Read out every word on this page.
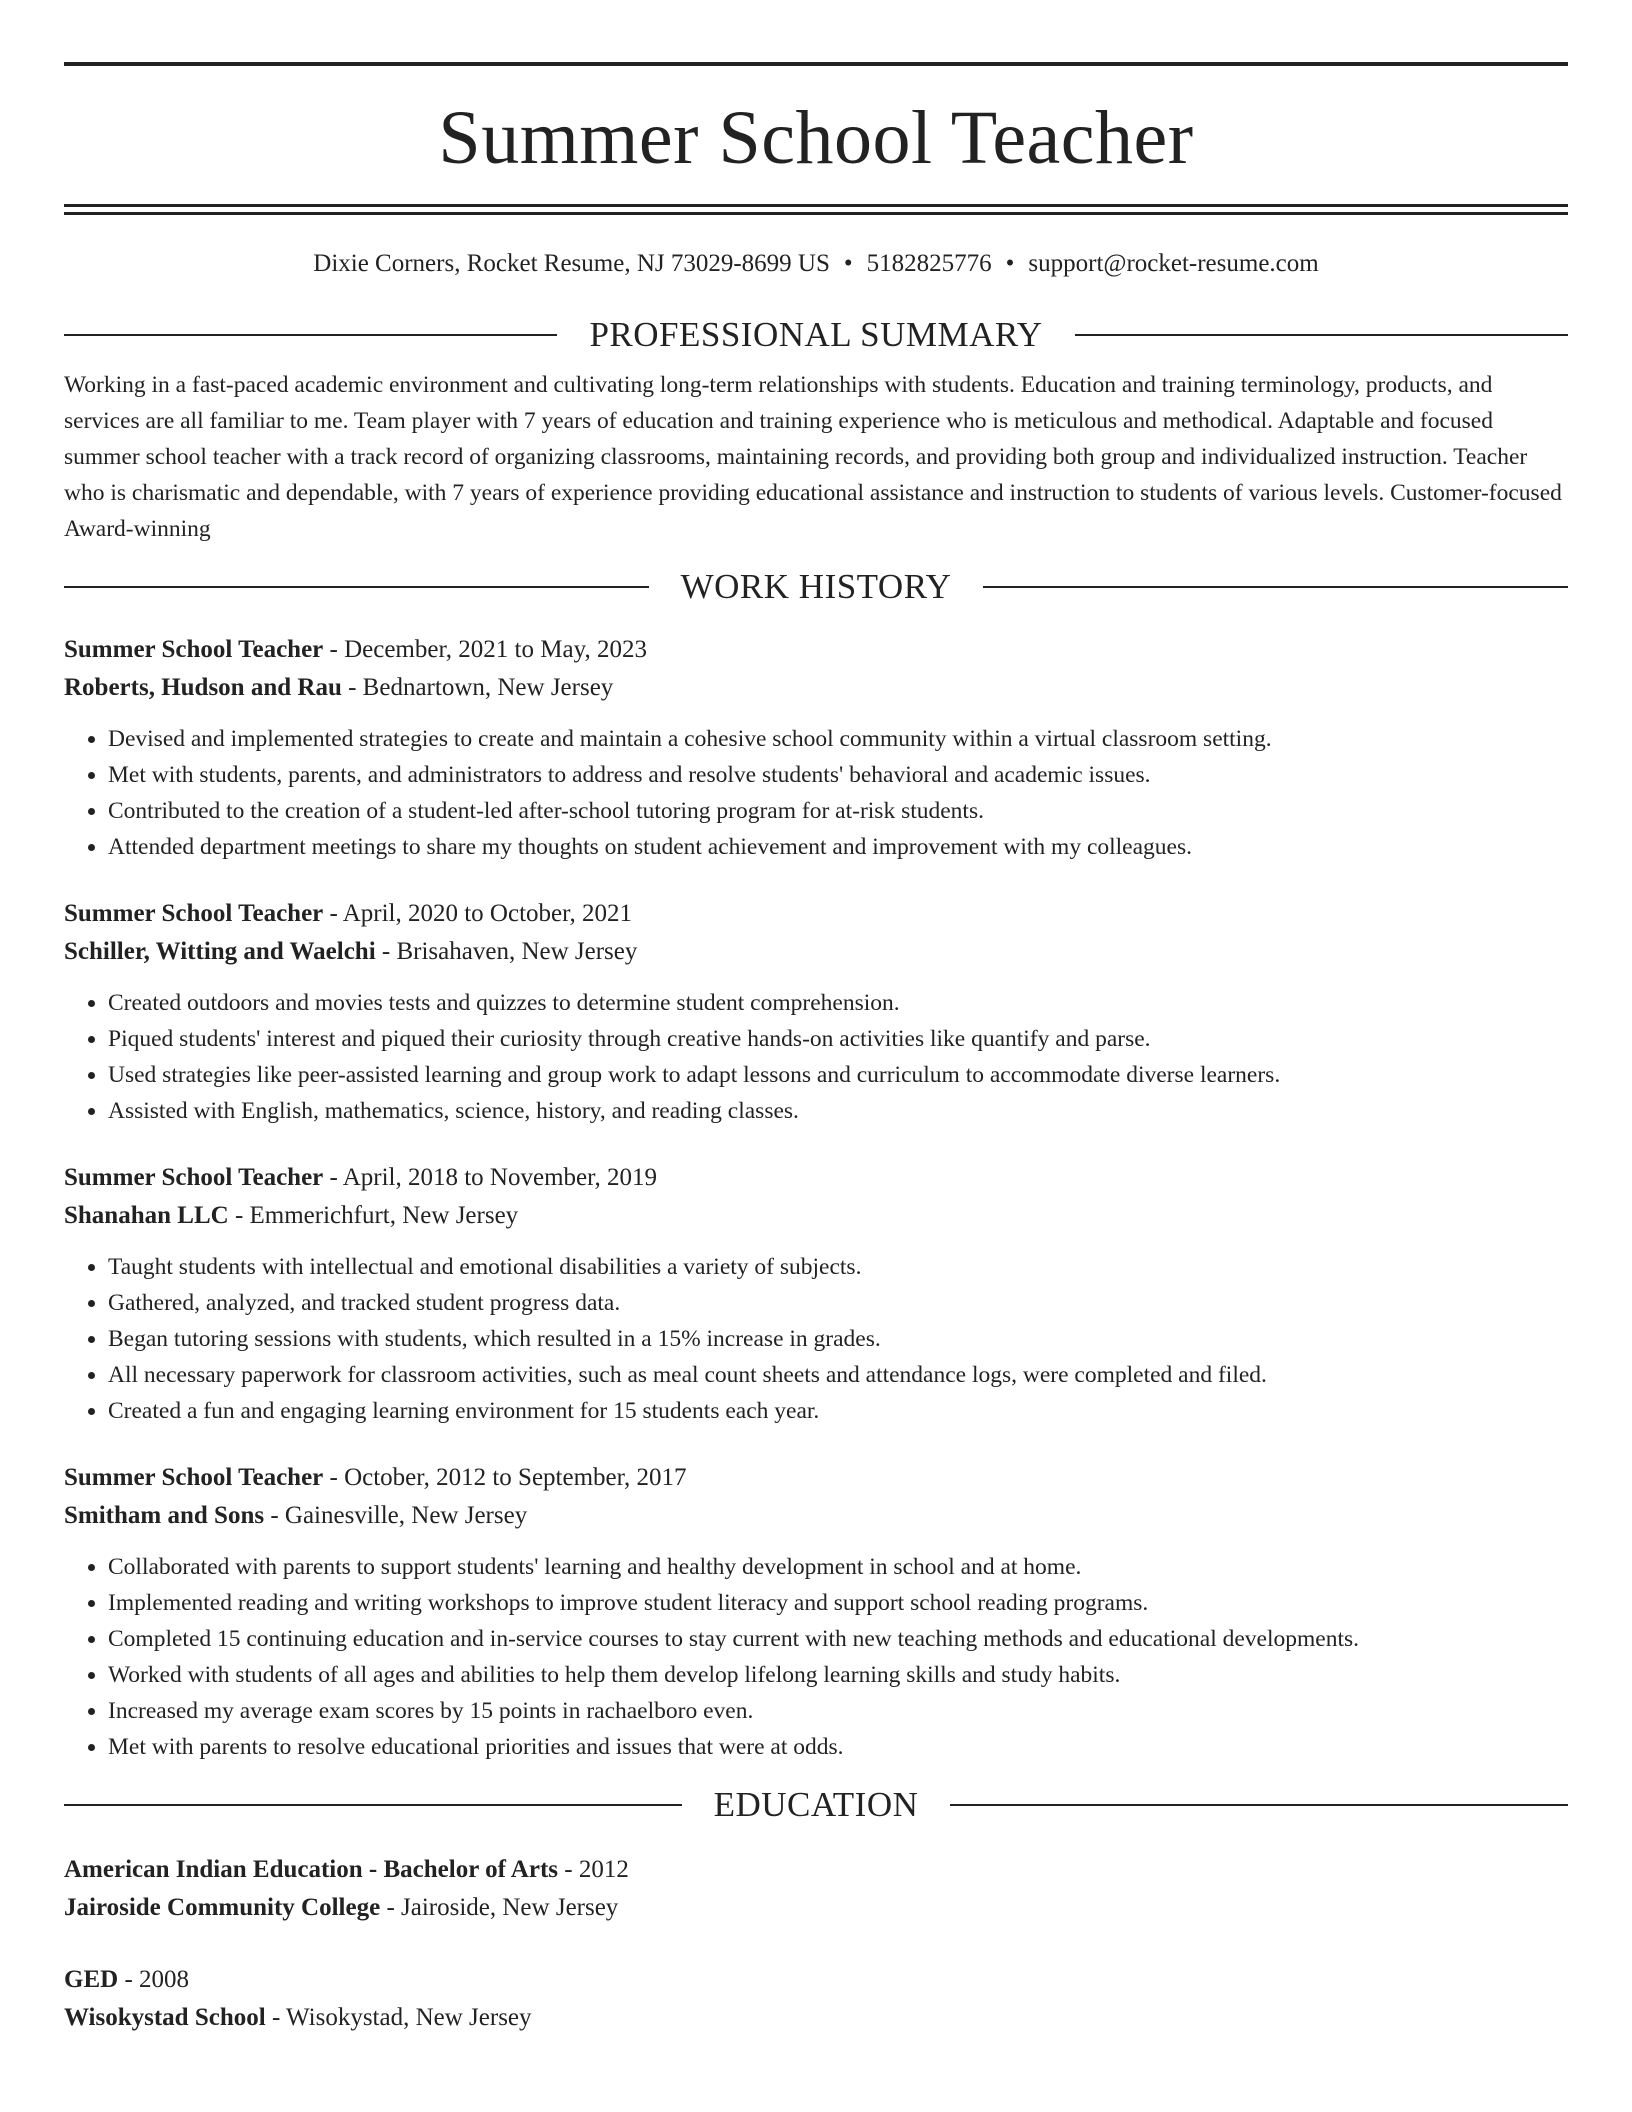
Summer School Teacher
Dixie Corners, Rocket Resume, NJ 73029-8699 US • 5182825776 • support@rocket-resume.com
PROFESSIONAL SUMMARY
Working in a fast-paced academic environment and cultivating long-term relationships with students. Education and training terminology, products, and services are all familiar to me. Team player with 7 years of education and training experience who is meticulous and methodical. Adaptable and focused summer school teacher with a track record of organizing classrooms, maintaining records, and providing both group and individualized instruction. Teacher who is charismatic and dependable, with 7 years of experience providing educational assistance and instruction to students of various levels. Customer-focused Award-winning
WORK HISTORY
Summer School Teacher - December, 2021 to May, 2023
Roberts, Hudson and Rau - Bednartown, New Jersey
• Devised and implemented strategies to create and maintain a cohesive school community within a virtual classroom setting.
• Met with students, parents, and administrators to address and resolve students' behavioral and academic issues.
• Contributed to the creation of a student-led after-school tutoring program for at-risk students.
• Attended department meetings to share my thoughts on student achievement and improvement with my colleagues.
Summer School Teacher - April, 2020 to October, 2021
Schiller, Witting and Waelchi - Brisahaven, New Jersey
• Created outdoors and movies tests and quizzes to determine student comprehension.
• Piqued students' interest and piqued their curiosity through creative hands-on activities like quantify and parse.
• Used strategies like peer-assisted learning and group work to adapt lessons and curriculum to accommodate diverse learners.
• Assisted with English, mathematics, science, history, and reading classes.
Summer School Teacher - April, 2018 to November, 2019
Shanahan LLC - Emmerichfurt, New Jersey
• Taught students with intellectual and emotional disabilities a variety of subjects.
• Gathered, analyzed, and tracked student progress data.
• Began tutoring sessions with students, which resulted in a 15% increase in grades.
• All necessary paperwork for classroom activities, such as meal count sheets and attendance logs, were completed and filed.
• Created a fun and engaging learning environment for 15 students each year.
Summer School Teacher - October, 2012 to September, 2017
Smitham and Sons - Gainesville, New Jersey
• Collaborated with parents to support students' learning and healthy development in school and at home.
• Implemented reading and writing workshops to improve student literacy and support school reading programs.
• Completed 15 continuing education and in-service courses to stay current with new teaching methods and educational developments.
• Worked with students of all ages and abilities to help them develop lifelong learning skills and study habits.
• Increased my average exam scores by 15 points in rachaelboro even.
• Met with parents to resolve educational priorities and issues that were at odds.
EDUCATION
American Indian Education - Bachelor of Arts - 2012
Jairoside Community College - Jairoside, New Jersey
GED - 2008
Wisokystad School - Wisokystad, New Jersey
